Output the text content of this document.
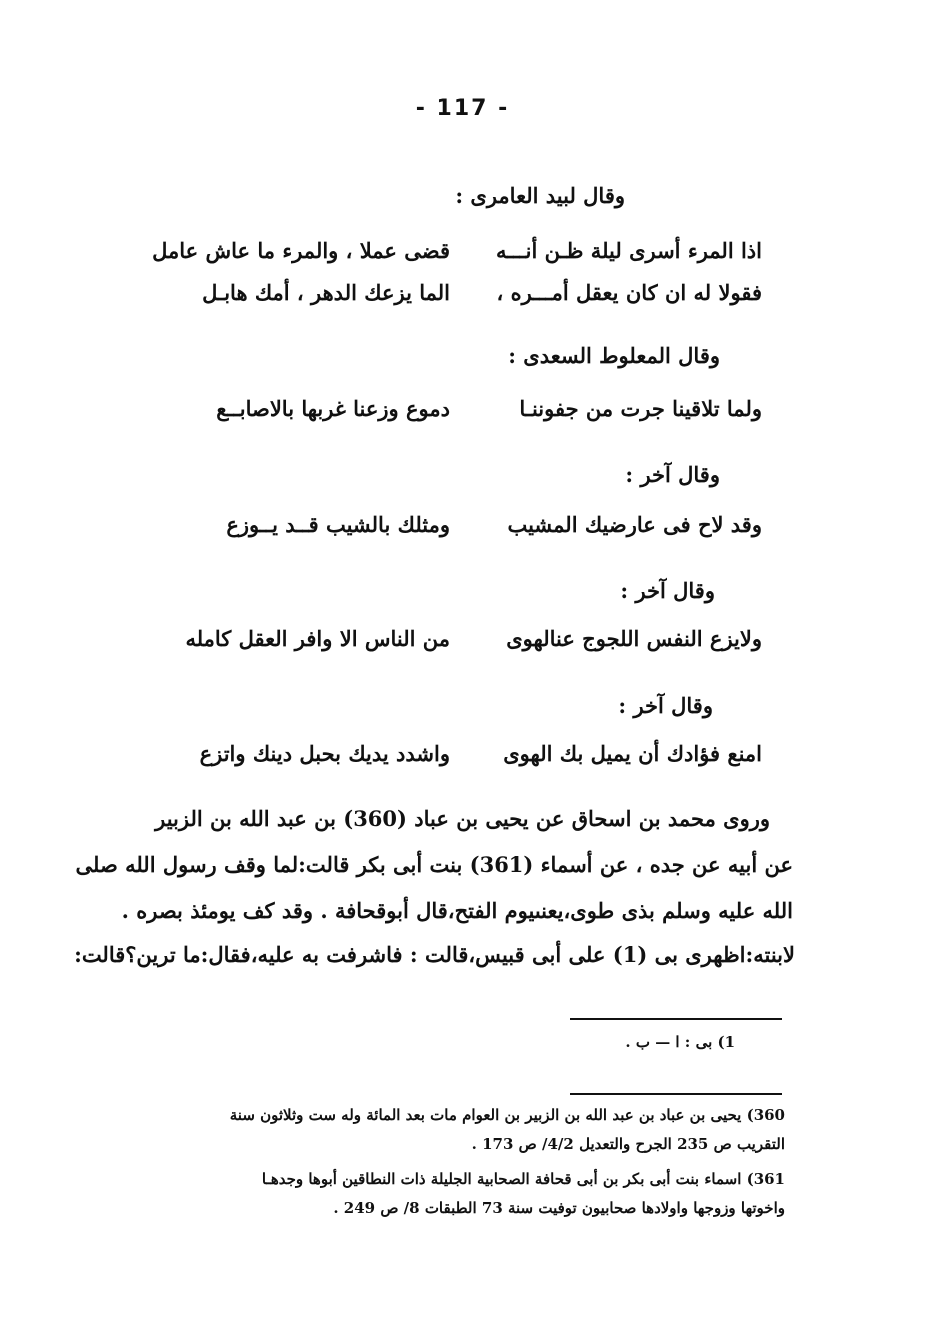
- 117 -
وقال لبيد العامرى :
اذا المرء أسرى ليلة ظـن أنـــه
قضى عملا ، والمرء ما عاش عامل
فقولا له ان كان يعقل أمـــره ،
الما يزعك الدهر ، أمك هابـل
وقال المعلوط السعدى :
ولما تلاقينا جرت من جفوننـا
دموع وزعنا غربها بالاصابــع
وقال آخر :
وقد لاح فى عارضيك المشيب
ومثلك بالشيب قــد يــوزع
وقال آخر :
ولايزع النفس اللجوج عنالهوى
من الناس الا وافر العقل كامله
وقال آخر :
امنع فؤادك أن يميل بك الهوى
واشدد يديك بحبل دينك واتزع
وروى محمد بن اسحاق عن يحيى بن عباد (360) بن عبد الله بن الزبير
عن أبيه عن جده ، عن أسماء (361) بنت أبى بكر قالت:لما وقف رسول الله صلى
الله عليه وسلم بذى طوى،يعنىيوم الفتح،قال أبوقحافة . وقد كف يومئذ بصره .
لابنته:اظهرى بى (1) على أبى قبيس،قالت : فاشرفت به عليه،فقال:ما ترين؟قالت:
1) بى : ا — ب .
360) يحيى بن عباد بن عبد الله بن الزبير بن العوام مات بعد المائة وله ست وثلاثون سنة
التقريب ص 235 الجرح والتعديل 4/2/ ص 173 .
361) اسماء بنت أبى بكر بن أبى قحافة الصحابية الجليلة ذات النطاقين أبوها وجدهـا
واخوتها وزوجها واولادها صحابيون توفيت سنة 73 الطبقات 8/ ص 249 .
